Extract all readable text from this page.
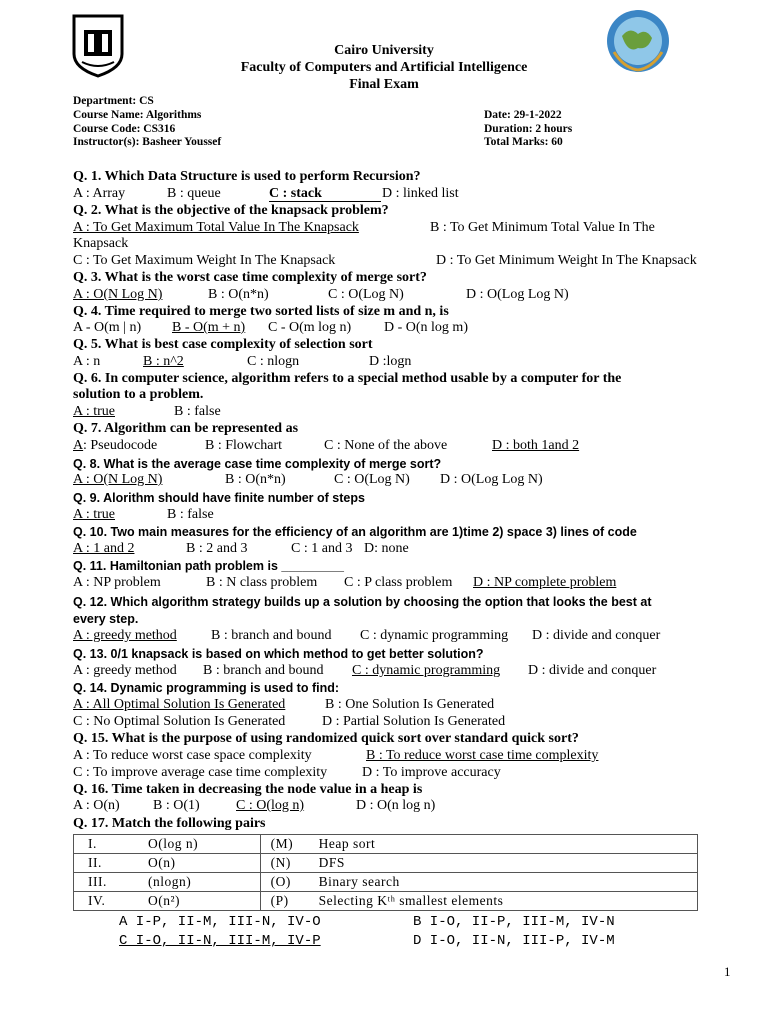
Cairo University
Faculty of Computers and Artificial Intelligence
Final Exam
Department: CS
Course Name: Algorithms
Course Code: CS316
Instructor(s): Basheer Youssef
Date: 29-1-2022
Duration: 2 hours
Total Marks: 60
Q. 1. Which Data Structure is used to perform Recursion?
A : Array	B : queue	C : stack	D : linked list
Q. 2. What is the objective of the knapsack problem?
A : To Get Maximum Total Value In The Knapsack	B : To Get Minimum Total Value In The
Knapsack
C : To Get Maximum Weight In The Knapsack	D : To Get Minimum Weight In The Knapsack
Q. 3. What is the worst case time complexity of merge sort?
A : O(N Log N)	B : O(n*n)	C : O(Log N)	D : O(Log Log N)
Q. 4. Time required to merge two sorted lists of size m and n, is
A - O(m | n) B - O(m + n) C - O(m log n) D - O(n log m)
Q. 5. What is best case complexity of selection sort
A : n	B : n^2	C : nlogn	D :logn
Q. 6. In computer science, algorithm refers to a special method usable by a computer for the
solution to a problem.
A : true	B : false
Q. 7. Algorithm can be represented as
A : Pseudocode	B : Flowchart	C : None of the above	D : both 1and 2
Q. 8. What is the average case time complexity of merge sort?
A : O(N Log N)	B : O(n*n)	C : O(Log N) D : O(Log Log N)
Q. 9. Alorithm should have finite number of steps
A : true	B : false
Q. 10. Two main measures for the efficiency of an algorithm are 1)time 2) space 3) lines of code
A : 1 and 2	B : 2 and 3	C : 1 and 3 D: none
Q. 11. Hamiltonian path problem is _________
A : NP problem	B : N class problem C : P class problem D : NP complete problem
Q. 12. Which algorithm strategy builds up a solution by choosing the option that looks the best at
every step.
A : greedy method	B : branch and bound C : dynamic programming D : divide and conquer
Q. 13. 0/1 knapsack is based on which method to get better solution?
A : greedy method B : branch and bound C : dynamic programming	D : divide and conquer
Q. 14. Dynamic programming is used to find:
A : All Optimal Solution Is Generated	B : One Solution Is Generated
C : No Optimal Solution Is Generated	D : Partial Solution Is Generated
Q. 15. What is the purpose of using randomized quick sort over standard quick sort?
A : To reduce worst case space complexity	B : To reduce worst case time complexity
C : To improve average case time complexity D : To improve accuracy
Q. 16. Time taken in decreasing the node value in a heap is
A : O(n) B : O(1)	C : O(log n)	D : O(n log n)
Q. 17. Match the following pairs
I.	O(log n)	(M)	Heap sort
II.	O(n)	(N)	DFS
III.	(nlogn)	(O)	Binary search
IV.	O(n²)	(P)	Selecting Kᵗʰ smallest elements
A I-P, II-M, III-N, IV-O	B I-O, II-P, III-M, IV-N
C I-O, II-N, III-M, IV-P	D I-O, II-N, III-P, IV-M
1
